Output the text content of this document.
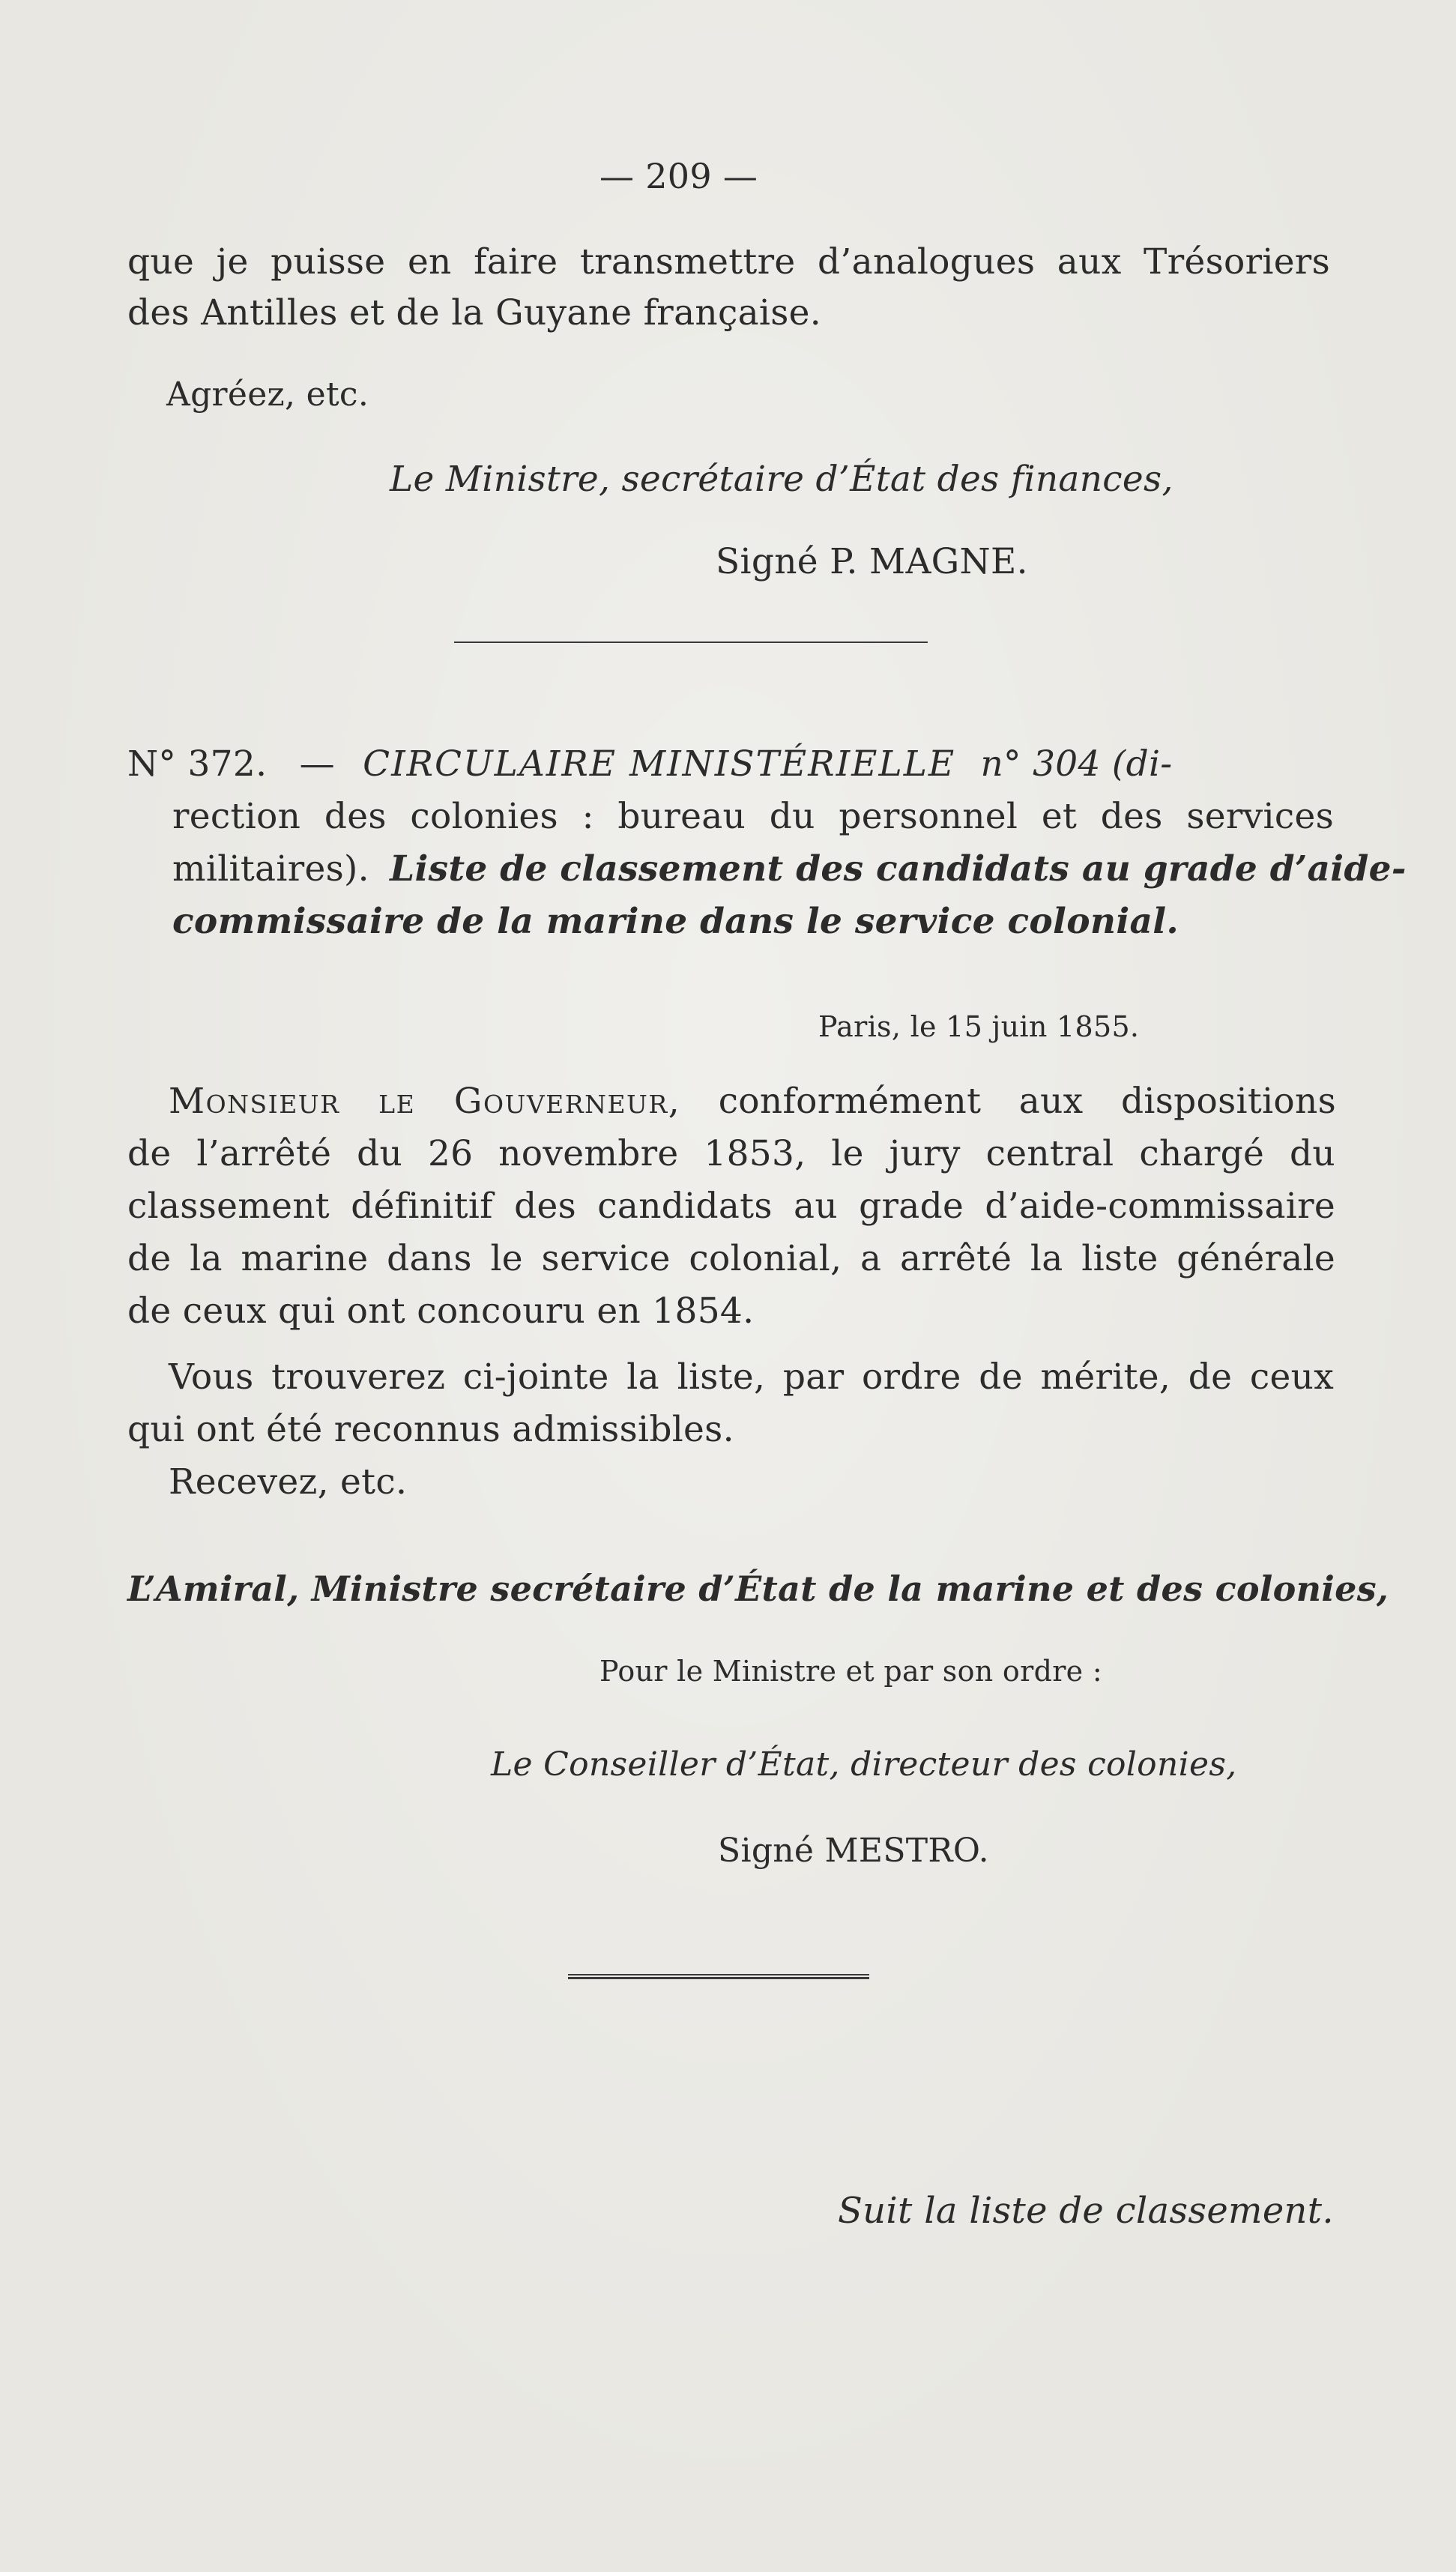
— 209 —
que je puisse en faire transmettre d’analogues aux Trésoriers
des Antilles et de la Guyane française.
Agréez, etc.
Le Ministre, secrétaire d’État des finances,
Signé P. MAGNE.
N° 372. — CIRCULAIRE MINISTÉRIELLE n° 304 (di-
rection des colonies : bureau du personnel et des services
militaires). Liste de classement des candidats au grade d’aide-
commissaire de la marine dans le service colonial.
Paris, le 15 juin 1855.
Monsieur le Gouverneur, conformément aux dispositions
de l’arrêté du 26 novembre 1853, le jury central chargé du
classement définitif des candidats au grade d’aide-commissaire
de la marine dans le service colonial, a arrêté la liste générale
de ceux qui ont concouru en 1854.
Vous trouverez ci-jointe la liste, par ordre de mérite, de ceux
qui ont été reconnus admissibles.
Recevez, etc.
L’Amiral, Ministre secrétaire d’État de la marine et des colonies,
Pour le Ministre et par son ordre :
Le Conseiller d’État, directeur des colonies,
Signé MESTRO.
Suit la liste de classement.
